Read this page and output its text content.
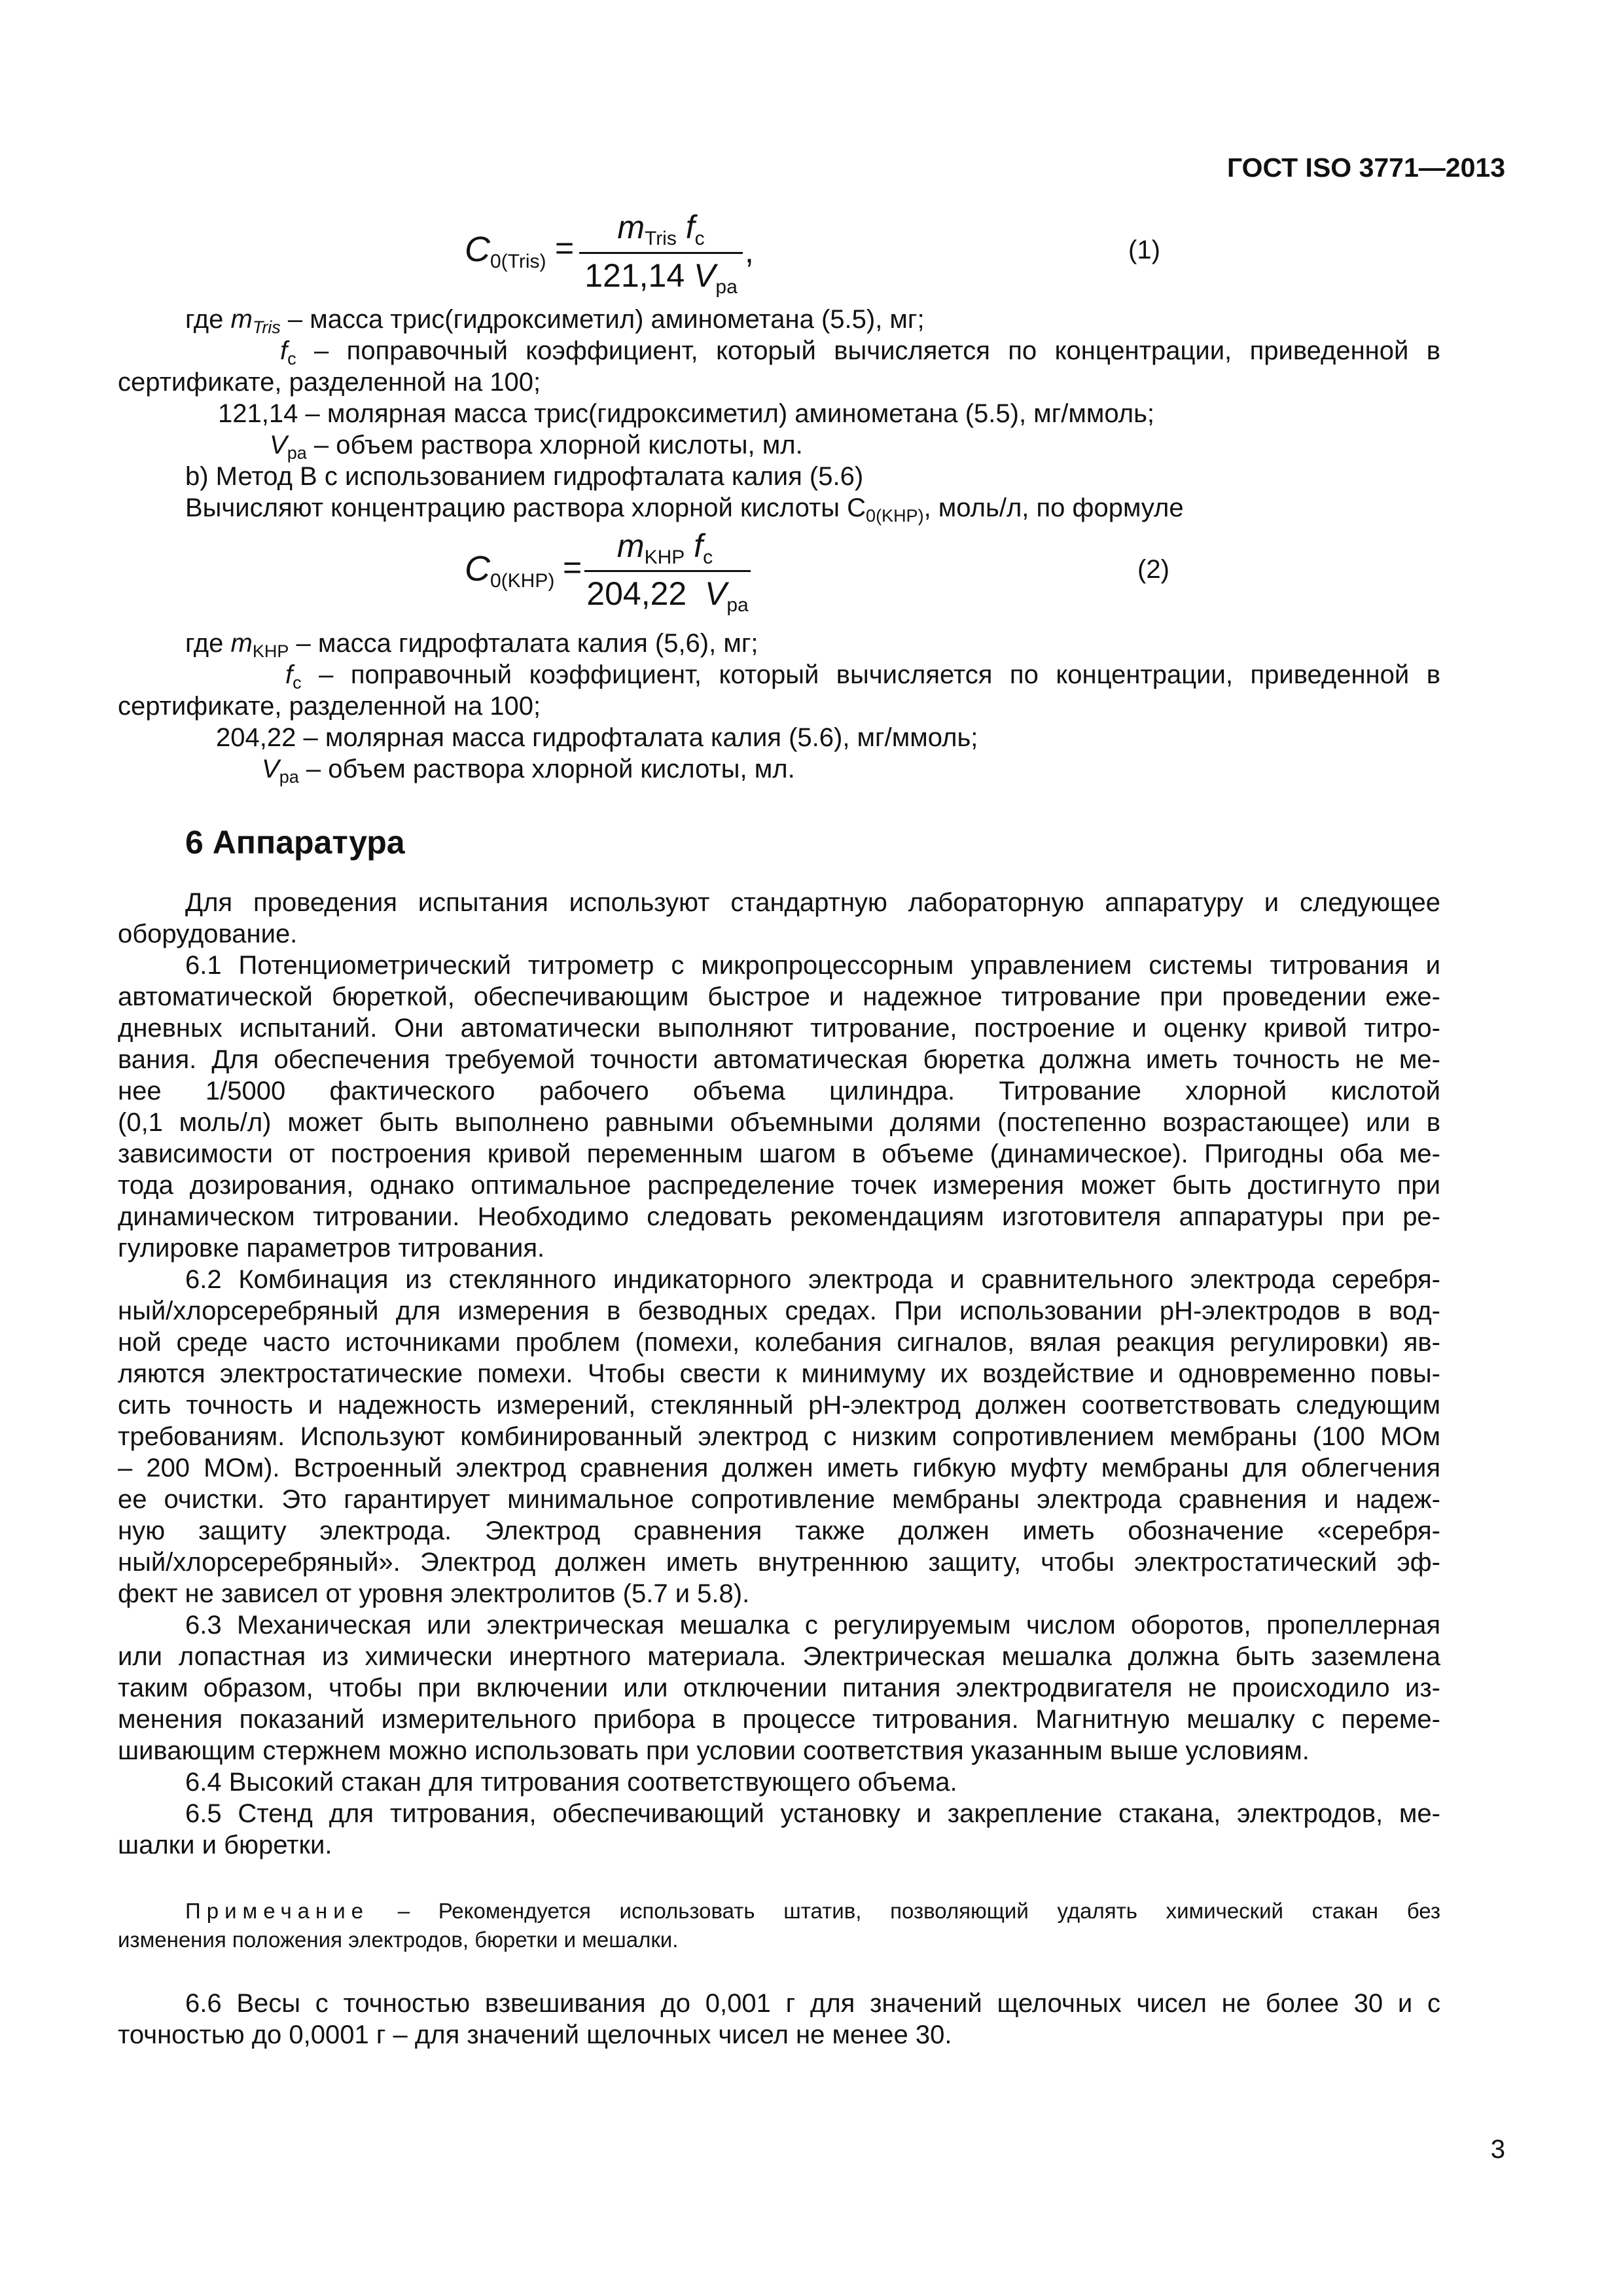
ГОСТ ISO 3771—2013
$C_{0(Tris)}$ =
$m_{Tris}$ $f_c$
121,14 $V_{pa}$
,	(1)
где $m_{Tris}$ – масса трис(гидроксиметил) аминометана (5.5), мг;
$f_c$ – поправочный коэффициент, который вычисляется по концентрации, приведенной в
сертификате, разделенной на 100;
121,14 – молярная масса трис(гидроксиметил) аминометана (5.5), мг/ммоль;
$V_{pa}$ – объем раствора хлорной кислоты, мл.
b) Метод B с использованием гидрофталата калия (5.6)
Вычисляют концентрацию раствора хлорной кислоты $C_{0(KHP)}$, моль/л, по формуле
$C_{0(KHP)}$ =
$m_{KHP}$ $f_c$
204,22 $V_{pa}$
(2)
где $m_{KHP}$ – масса гидрофталата калия (5,6), мг;
$f_c$ – поправочный коэффициент, который вычисляется по концентрации, приведенной в
сертификате, разделенной на 100;
204,22 – молярная масса гидрофталата калия (5.6), мг/ммоль;
$V_{pa}$ – объем раствора хлорной кислоты, мл.
6 Аппаратура
Для проведения испытания используют стандартную лабораторную аппаратуру и следующее
оборудование.
6.1 Потенциометрический титрометр с микропроцессорным управлением системы титрования и
автоматической бюреткой, обеспечивающим быстрое и надежное титрование при проведении еже-
дневных испытаний. Они автоматически выполняют титрование, построение и оценку кривой титро-
вания. Для обеспечения требуемой точности автоматическая бюретка должна иметь точность не ме-
нее 1/5000 фактического рабочего объема цилиндра. Титрование хлорной кислотой
(0,1 моль/л) может быть выполнено равными объемными долями (постепенно возрастающее) или в
зависимости от построения кривой переменным шагом в объеме (динамическое). Пригодны оба ме-
тода дозирования, однако оптимальное распределение точек измерения может быть достигнуто при
динамическом титровании. Необходимо следовать рекомендациям изготовителя аппаратуры при ре-
гулировке параметров титрования.
6.2 Комбинация из стеклянного индикаторного электрода и сравнительного электрода серебря-
ный/хлорсеребряный для измерения в безводных средах. При использовании pH-электродов в вод-
ной среде часто источниками проблем (помехи, колебания сигналов, вялая реакция регулировки) яв-
ляются электростатические помехи. Чтобы свести к минимуму их воздействие и одновременно повы-
сить точность и надежность измерений, стеклянный pH-электрод должен соответствовать следующим
требованиям. Используют комбинированный электрод с низким сопротивлением мембраны (100 МОм
– 200 МОм). Встроенный электрод сравнения должен иметь гибкую муфту мембраны для облегчения
ее очистки. Это гарантирует минимальное сопротивление мембраны электрода сравнения и надеж-
ную защиту электрода. Электрод сравнения также должен иметь обозначение «серебря-
ный/хлорсеребряный». Электрод должен иметь внутреннюю защиту, чтобы электростатический эф-
фект не зависел от уровня электролитов (5.7 и 5.8).
6.3 Механическая или электрическая мешалка с регулируемым числом оборотов, пропеллерная
или лопастная из химически инертного материала. Электрическая мешалка должна быть заземлена
таким образом, чтобы при включении или отключении питания электродвигателя не происходило из-
менения показаний измерительного прибора в процессе титрования. Магнитную мешалку с переме-
шивающим стержнем можно использовать при условии соответствия указанным выше условиям.
6.4 Высокий стакан для титрования соответствующего объема.
6.5 Стенд для титрования, обеспечивающий установку и закрепление стакана, электродов, ме-
шалки и бюретки.
Примечание – Рекомендуется использовать штатив, позволяющий удалять химический стакан без
изменения положения электродов, бюретки и мешалки.
6.6 Весы с точностью взвешивания до 0,001 г для значений щелочных чисел не более 30 и с
точностью до 0,0001 г – для значений щелочных чисел не менее 30.
3
